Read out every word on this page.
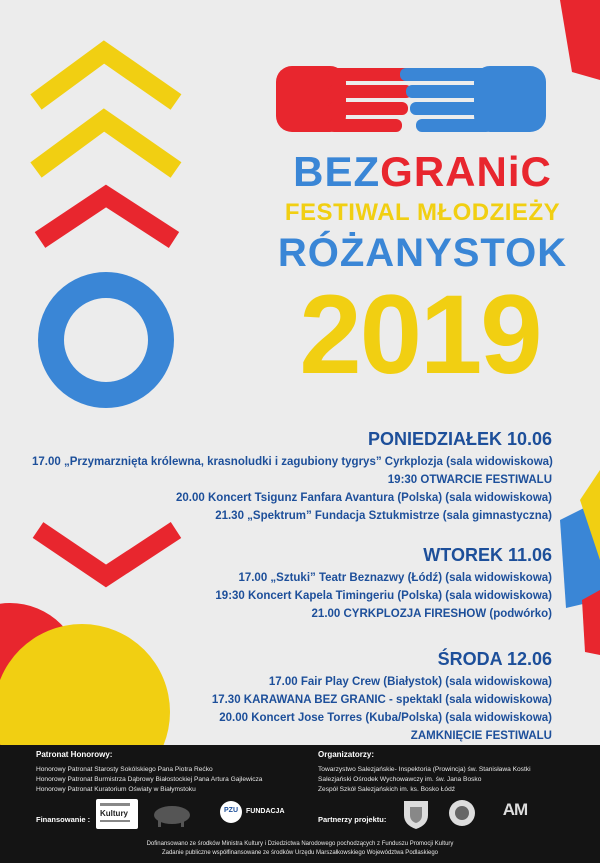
BEZGRANiC
FESTIWAL MŁODZIEŻY
RÓŻANYSTOK
2019
PONIEDZIAŁEK 10.06
17.00 „Przymarznięta królewna, krasnoludki i zagubiony tygrys” Cyrkplozja (sala widowiskowa)
19:30 OTWARCIE FESTIWALU
20.00 Koncert Tsigunz Fanfara Avantura (Polska) (sala widowiskowa)
21.30 „Spektrum” Fundacja Sztukmistrze (sala gimnastyczna)
WTOREK 11.06
17.00 „Sztuki” Teatr Beznazwy (Łódź) (sala widowiskowa)
19:30 Koncert Kapela Timingeriu (Polska) (sala widowiskowa)
21.00 CYRKPLOZJA FIRESHOW (podwórko)
ŚRODA 12.06
17.00 Fair Play Crew (Białystok) (sala widowiskowa)
17.30 KARAWANA BEZ GRANIC - spektakl (sala widowiskowa)
20.00 Koncert Jose Torres (Kuba/Polska) (sala widowiskowa)
ZAMKNIĘCIE FESTIWALU
Patronat Honorowy:
Honorowy Patronat Starosty Sokólskiego Pana Piotra Rećko
Honorowy Patronat Burmistrza Dąbrowy Białostockiej Pana Artura Gajlewicza
Honorowy Patronat Kuratorium Oświaty w Białymstoku
Organizatorzy:
Towarzystwo Salezjańskie- Inspektoria (Prowincja) św. Stanisława Kostki
Salezjański Ośrodek Wychowawczy im. św. Jana Bosko
Zespół Szkół Salezjańskich im. ks. Bosko Łódź
Finansowanie :
Kultury	PZU	FUNDACJA
Partnerzy projektu:
AM
Dofinansowano ze środków Ministra Kultury i Dziedzictwa Narodowego pochodzących z Funduszu Promocji Kultury
Zadanie publiczne współfinansowane ze środków Urzędu Marszałkowskiego Województwa Podlaskiego
